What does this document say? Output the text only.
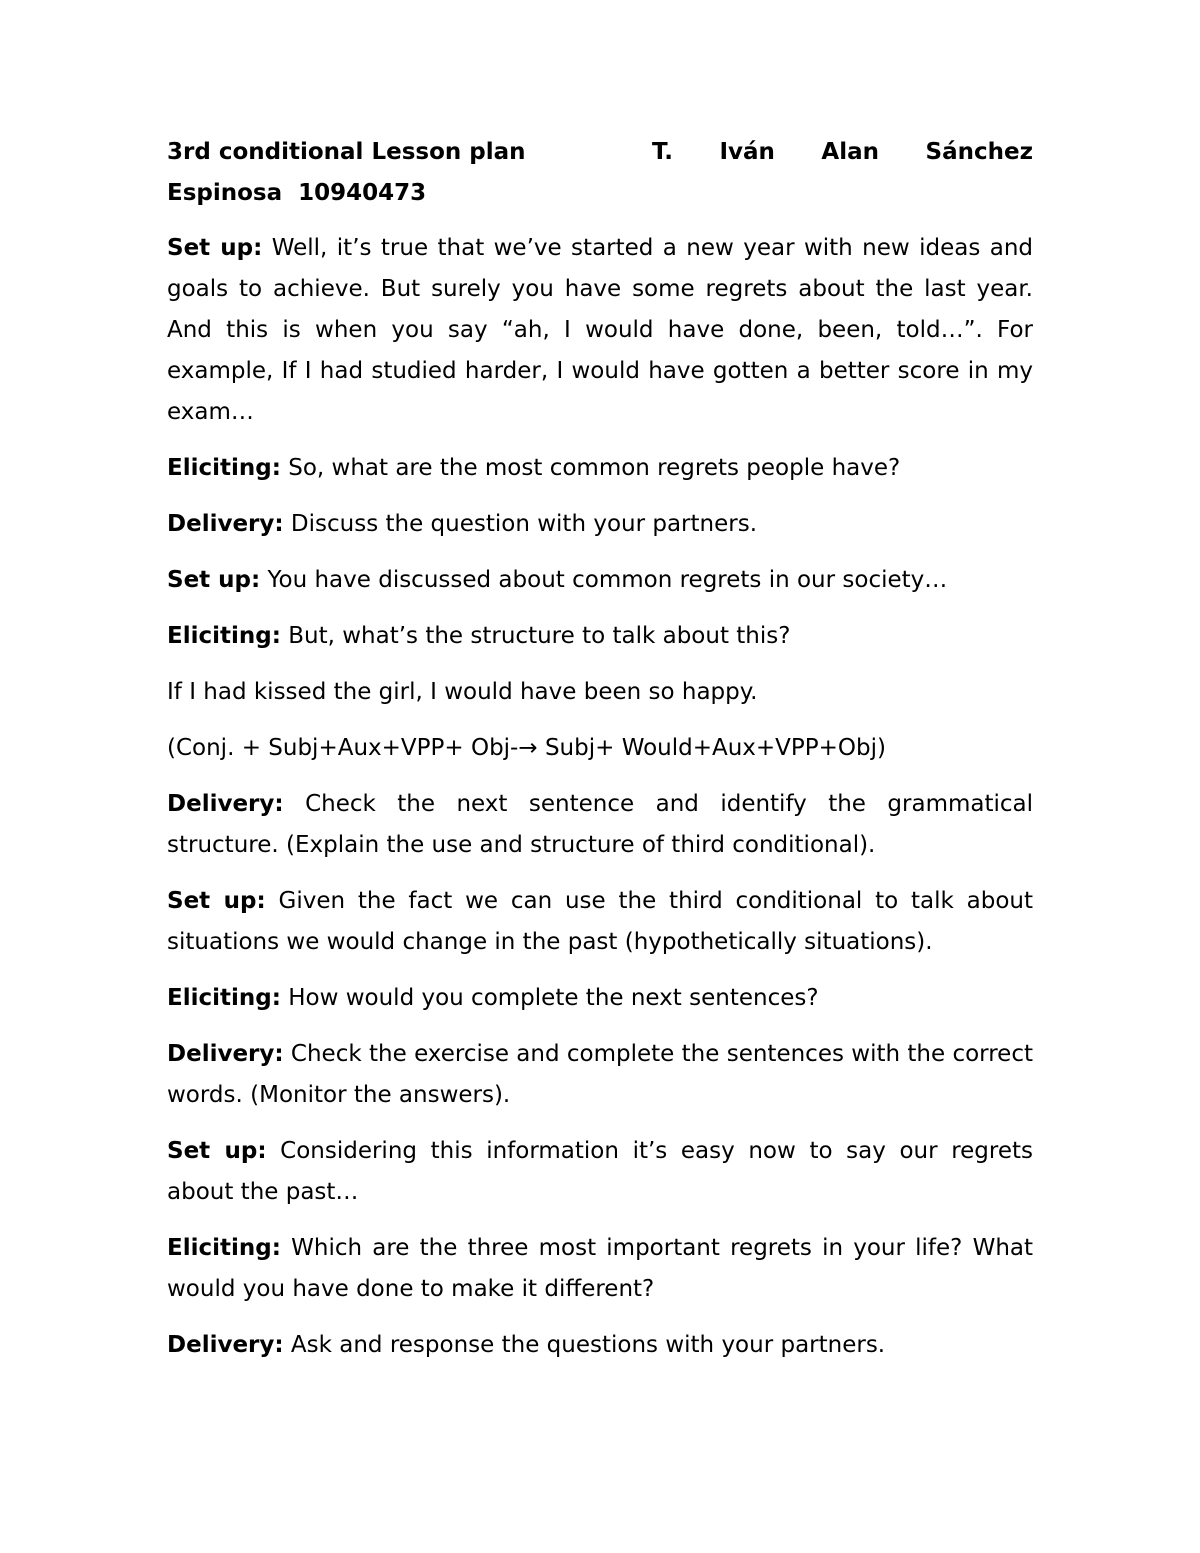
3rd conditional Lesson plan	T. Iván Alan Sánchez
Espinosa  10940473

Set up: Well, it’s true that we’ve started a new year with new ideas and goals to achieve. But surely you have some regrets about the last year. And this is when you say “ah, I would have done, been, told…”. For example, If I had studied harder, I would have gotten a better score in my exam…

Eliciting: So, what are the most common regrets people have?

Delivery: Discuss the question with your partners.

Set up: You have discussed about common regrets in our society…

Eliciting: But, what’s the structure to talk about this?

If I had kissed the girl, I would have been so happy.

(Conj. + Subj+Aux+VPP+ Obj-→ Subj+ Would+Aux+VPP+Obj)

Delivery: Check the next sentence and identify the grammatical structure. (Explain the use and structure of third conditional).

Set up: Given the fact we can use the third conditional to talk about situations we would change in the past (hypothetically situations).

Eliciting: How would you complete the next sentences?

Delivery: Check the exercise and complete the sentences with the correct words. (Monitor the answers).

Set up: Considering this information it’s easy now to say our regrets about the past…

Eliciting: Which are the three most important regrets in your life? What would you have done to make it different?

Delivery: Ask and response the questions with your partners.
